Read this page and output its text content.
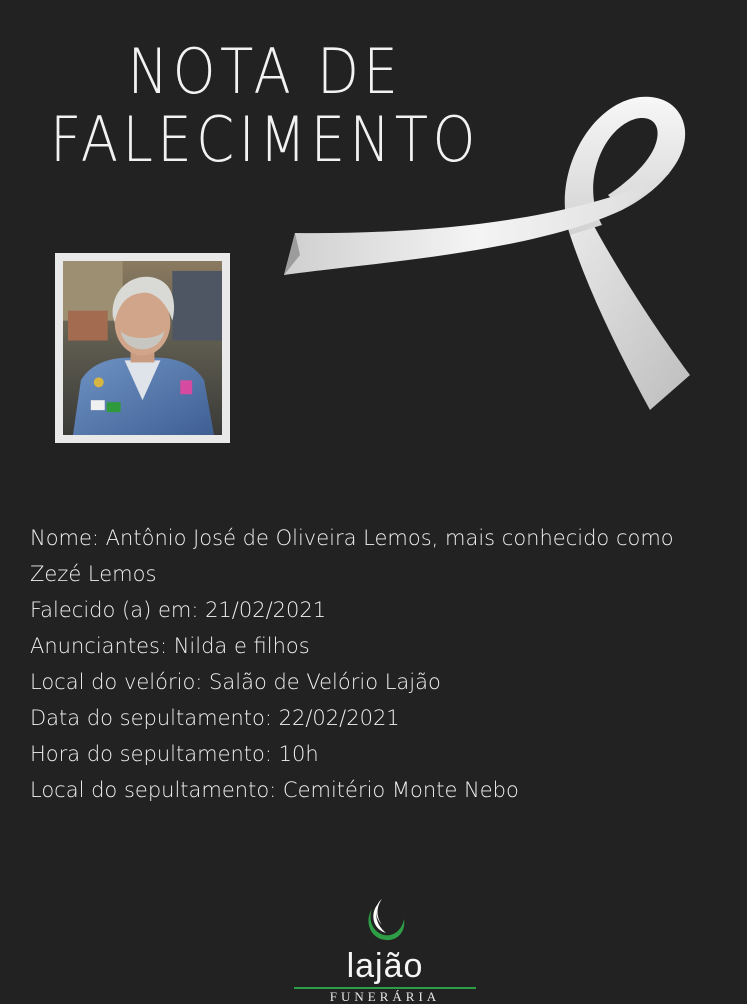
NOTA DE
FALECIMENTO
Nome: Antônio José de Oliveira Lemos, mais conhecido como Zezé Lemos
Falecido (a) em: 21/02/2021
Anunciantes: Nilda e filhos
Local do velório: Salão de Velório Lajão
Data do sepultamento: 22/02/2021
Hora do sepultamento: 10h
Local do sepultamento: Cemitério Monte Nebo
lajão
FUNERÁRIA
